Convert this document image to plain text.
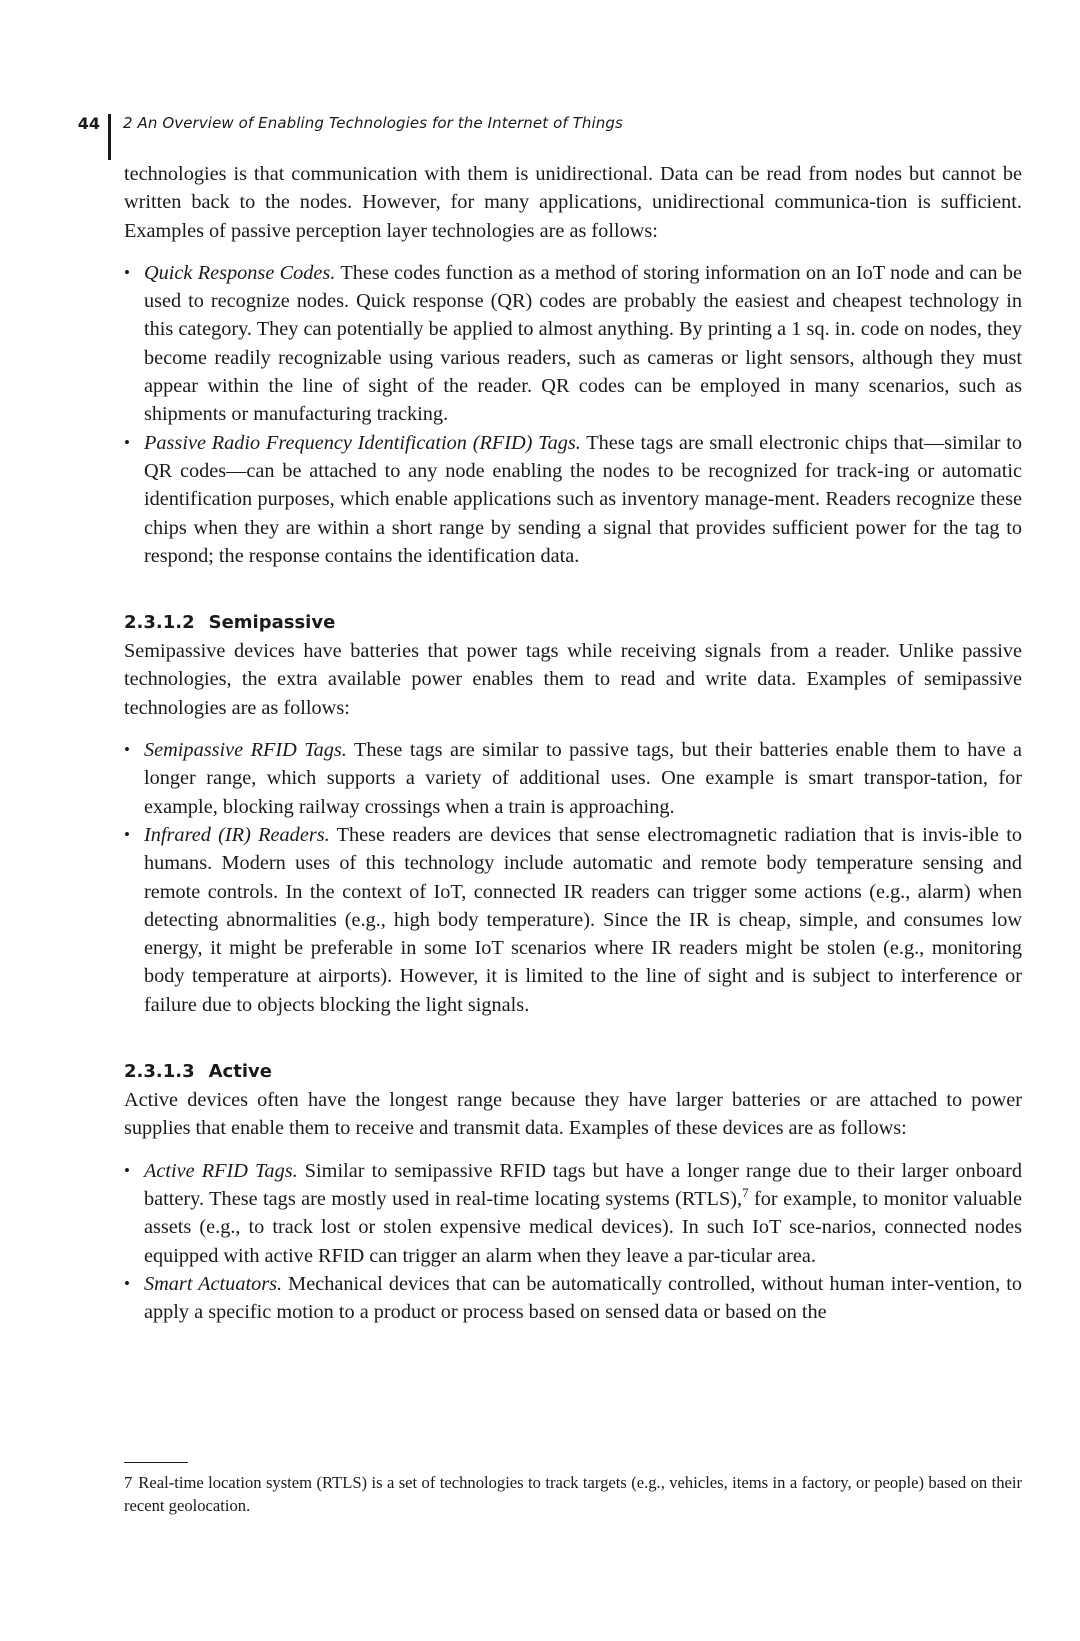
44 2 An Overview of Enabling Technologies for the Internet of Things

technologies is that communication with them is unidirectional. Data can be read from nodes but cannot be written back to the nodes. However, for many applications, unidirectional communica-tion is sufficient. Examples of passive perception layer technologies are as follows:

• Quick Response Codes. These codes function as a method of storing information on an IoT node and can be used to recognize nodes. Quick response (QR) codes are probably the easiest and cheapest technology in this category. They can potentially be applied to almost anything. By printing a 1 sq. in. code on nodes, they become readily recognizable using various readers, such as cameras or light sensors, although they must appear within the line of sight of the reader. QR codes can be employed in many scenarios, such as shipments or manufacturing tracking.
• Passive Radio Frequency Identification (RFID) Tags. These tags are small electronic chips that—similar to QR codes—can be attached to any node enabling the nodes to be recognized for track-ing or automatic identification purposes, which enable applications such as inventory manage-ment. Readers recognize these chips when they are within a short range by sending a signal that provides sufficient power for the tag to respond; the response contains the identification data.
2.3.1.2 Semipassive

Semipassive devices have batteries that power tags while receiving signals from a reader. Unlike passive technologies, the extra available power enables them to read and write data. Examples of semipassive technologies are as follows:

• Semipassive RFID Tags. These tags are similar to passive tags, but their batteries enable them to have a longer range, which supports a variety of additional uses. One example is smart transpor-tation, for example, blocking railway crossings when a train is approaching.
• Infrared (IR) Readers. These readers are devices that sense electromagnetic radiation that is invis-ible to humans. Modern uses of this technology include automatic and remote body temperature sensing and remote controls. In the context of IoT, connected IR readers can trigger some actions (e.g., alarm) when detecting abnormalities (e.g., high body temperature). Since the IR is cheap, simple, and consumes low energy, it might be preferable in some IoT scenarios where IR readers might be stolen (e.g., monitoring body temperature at airports). However, it is limited to the line of sight and is subject to interference or failure due to objects blocking the light signals.
2.3.1.3 Active

Active devices often have the longest range because they have larger batteries or are attached to power supplies that enable them to receive and transmit data. Examples of these devices are as follows:

• Active RFID Tags. Similar to semipassive RFID tags but have a longer range due to their larger onboard battery. These tags are mostly used in real-time locating systems (RTLS),$^7$ for example, to monitor valuable assets (e.g., to track lost or stolen expensive medical devices). In such IoT sce-narios, connected nodes equipped with active RFID can trigger an alarm when they leave a par-ticular area.
• Smart Actuators. Mechanical devices that can be automatically controlled, without human inter-vention, to apply a specific motion to a product or process based on sensed data or based on the

7 Real-time location system (RTLS) is a set of technologies to track targets (e.g., vehicles, items in a factory, or people) based on their recent geolocation.
